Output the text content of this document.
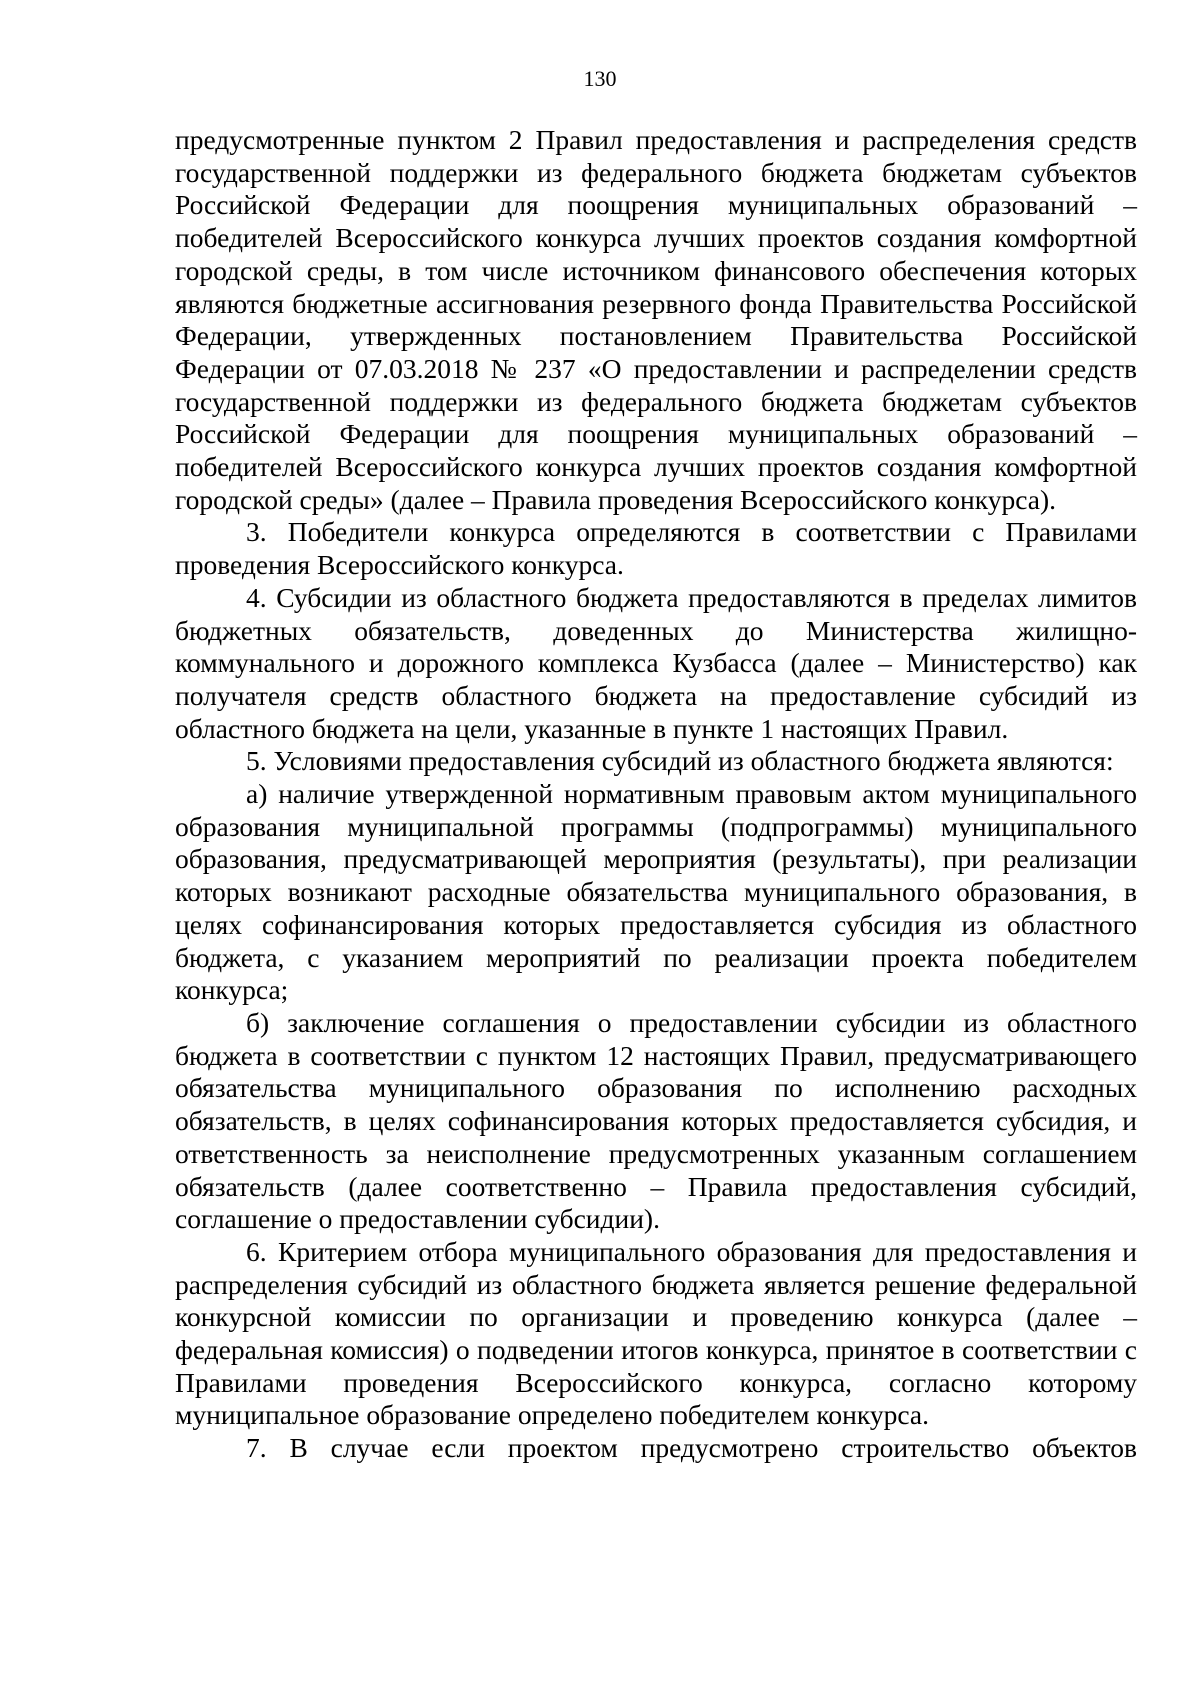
130

предусмотренные пунктом 2 Правил предоставления и распределения средств государственной поддержки из федерального бюджета бюджетам субъектов Российской Федерации для поощрения муниципальных образований – победителей Всероссийского конкурса лучших проектов создания комфортной городской среды, в том числе источником финансового обеспечения которых являются бюджетные ассигнования резервного фонда Правительства Российской Федерации, утвержденных постановлением Правительства Российской Федерации от 07.03.2018 № 237 «О предоставлении и распределении средств государственной поддержки из федерального бюджета бюджетам субъектов Российской Федерации для поощрения муниципальных образований – победителей Всероссийского конкурса лучших проектов создания комфортной городской среды» (далее – Правила проведения Всероссийского конкурса).

3. Победители конкурса определяются в соответствии с Правилами проведения Всероссийского конкурса.

4. Субсидии из областного бюджета предоставляются в пределах лимитов бюджетных обязательств, доведенных до Министерства жилищно-коммунального и дорожного комплекса Кузбасса (далее – Министерство) как получателя средств областного бюджета на предоставление субсидий из областного бюджета на цели, указанные в пункте 1 настоящих Правил.

5. Условиями предоставления субсидий из областного бюджета являются:

а) наличие утвержденной нормативным правовым актом муниципального образования муниципальной программы (подпрограммы) муниципального образования, предусматривающей мероприятия (результаты), при реализации которых возникают расходные обязательства муниципального образования, в целях софинансирования которых предоставляется субсидия из областного бюджета, с указанием мероприятий по реализации проекта победителем конкурса;

б) заключение соглашения о предоставлении субсидии из областного бюджета в соответствии с пунктом 12 настоящих Правил, предусматривающего обязательства муниципального образования по исполнению расходных обязательств, в целях софинансирования которых предоставляется субсидия, и ответственность за неисполнение предусмотренных указанным соглашением обязательств (далее соответственно – Правила предоставления субсидий, соглашение о предоставлении субсидии).

6. Критерием отбора муниципального образования для предоставления и распределения субсидий из областного бюджета является решение федеральной конкурсной комиссии по организации и проведению конкурса (далее – федеральная комиссия) о подведении итогов конкурса, принятое в соответствии с Правилами проведения Всероссийского конкурса, согласно которому муниципальное образование определено победителем конкурса.

7. В случае если проектом предусмотрено строительство объектов
